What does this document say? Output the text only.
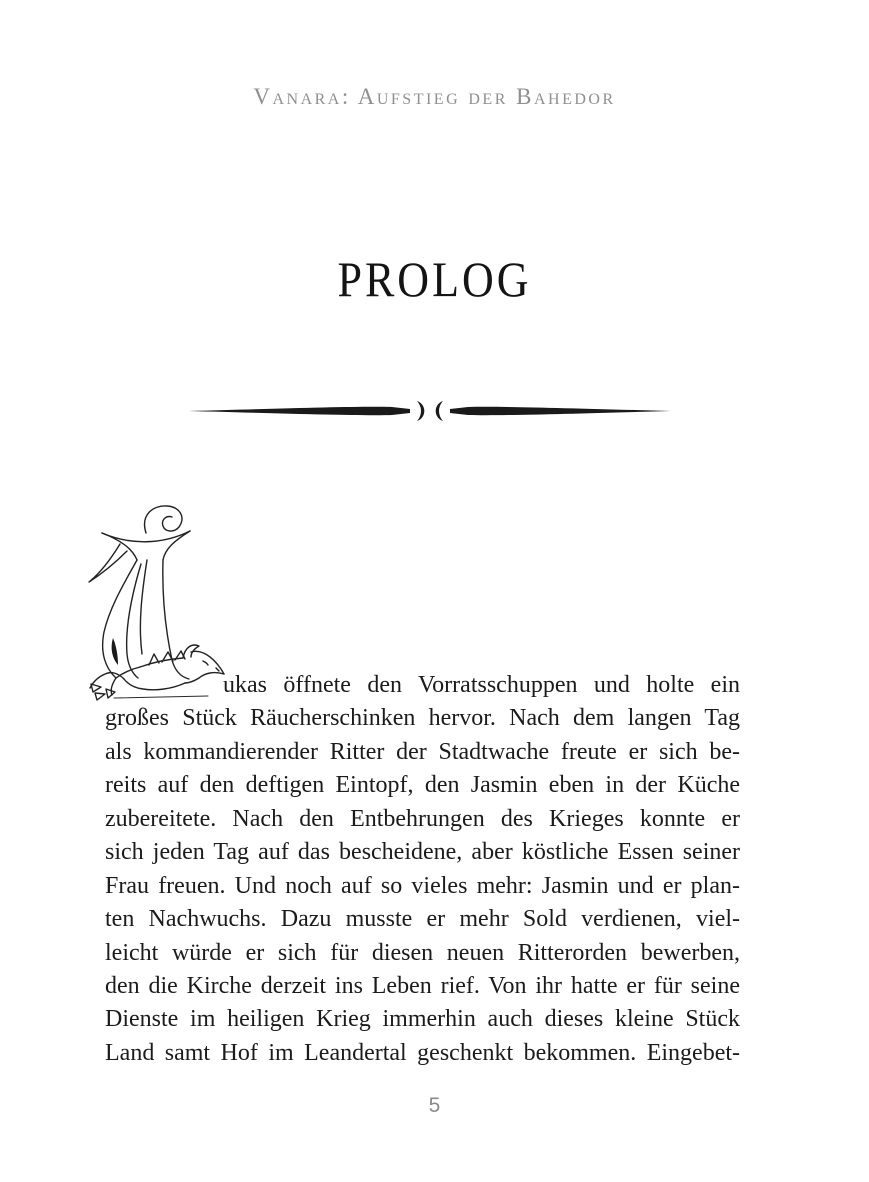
Vanara: Aufstieg der Bahedor
PROLOG
ukas öffnete den Vorratsschuppen und holte ein
großes Stück Räucherschinken hervor. Nach dem langen Tag
als kommandierender Ritter der Stadtwache freute er sich be-
reits auf den deftigen Eintopf, den Jasmin eben in der Küche
zubereitete. Nach den Entbehrungen des Krieges konnte er
sich jeden Tag auf das bescheidene, aber köstliche Essen seiner
Frau freuen. Und noch auf so vieles mehr: Jasmin und er plan-
ten Nachwuchs. Dazu musste er mehr Sold verdienen, viel-
leicht würde er sich für diesen neuen Ritterorden bewerben,
den die Kirche derzeit ins Leben rief. Von ihr hatte er für seine
Dienste im heiligen Krieg immerhin auch dieses kleine Stück
Land samt Hof im Leandertal geschenkt bekommen. Eingebet-
5
